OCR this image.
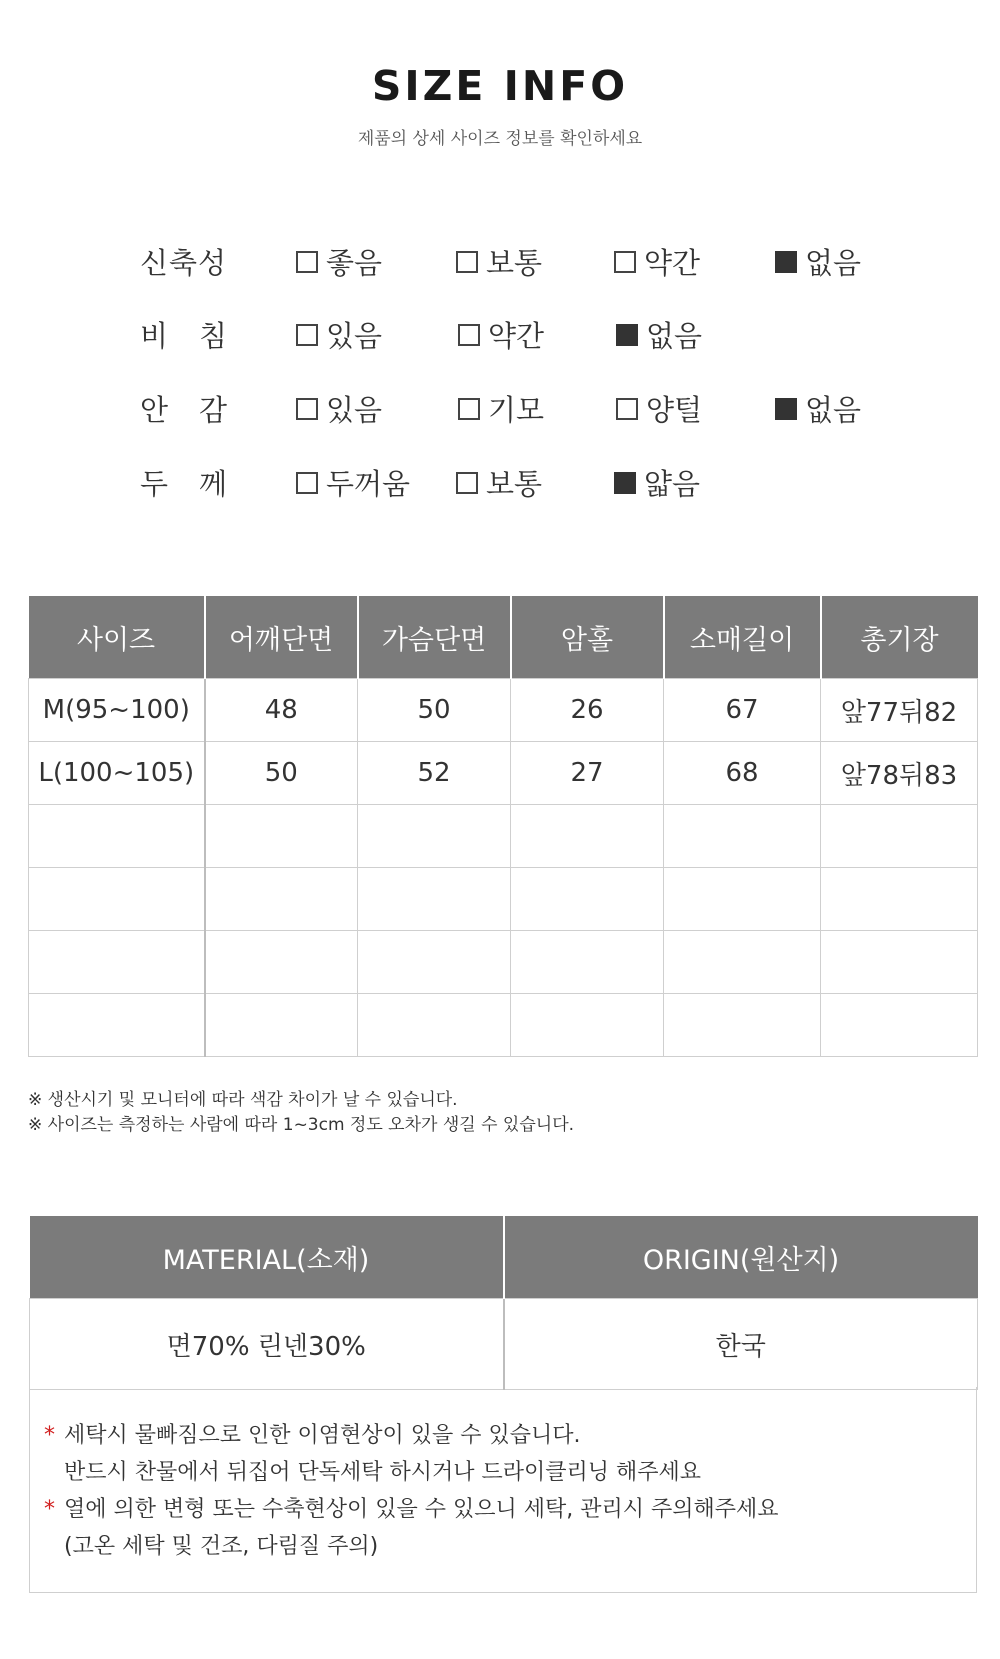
SIZE INFO
제품의 상세 사이즈 정보를 확인하세요
신축성	좋음	보통	약간	없음
비　침	있음	약간	없음
안　감	있음	기모	양털	없음
두　께	두꺼움	보통	얇음
사이즈	어깨단면	가슴단면	암홀	소매길이	총기장
M(95~100)	48	50	26	67	앞77뒤82
L(100~105)	50	52	27	68	앞78뒤83

※ 생산시기 및 모니터에 따라 색감 차이가 날 수 있습니다.
※ 사이즈는 측정하는 사람에 따라 1~3cm 정도 오차가 생길 수 있습니다.
MATERIAL(소재)	ORIGIN(원산지)
면70% 린넨30%	한국
* 세탁시 물빠짐으로 인한 이염현상이 있을 수 있습니다.
반드시 찬물에서 뒤집어 단독세탁 하시거나 드라이클리닝 해주세요
* 열에 의한 변형 또는 수축현상이 있을 수 있으니 세탁, 관리시 주의해주세요
(고온 세탁 및 건조, 다림질 주의)
